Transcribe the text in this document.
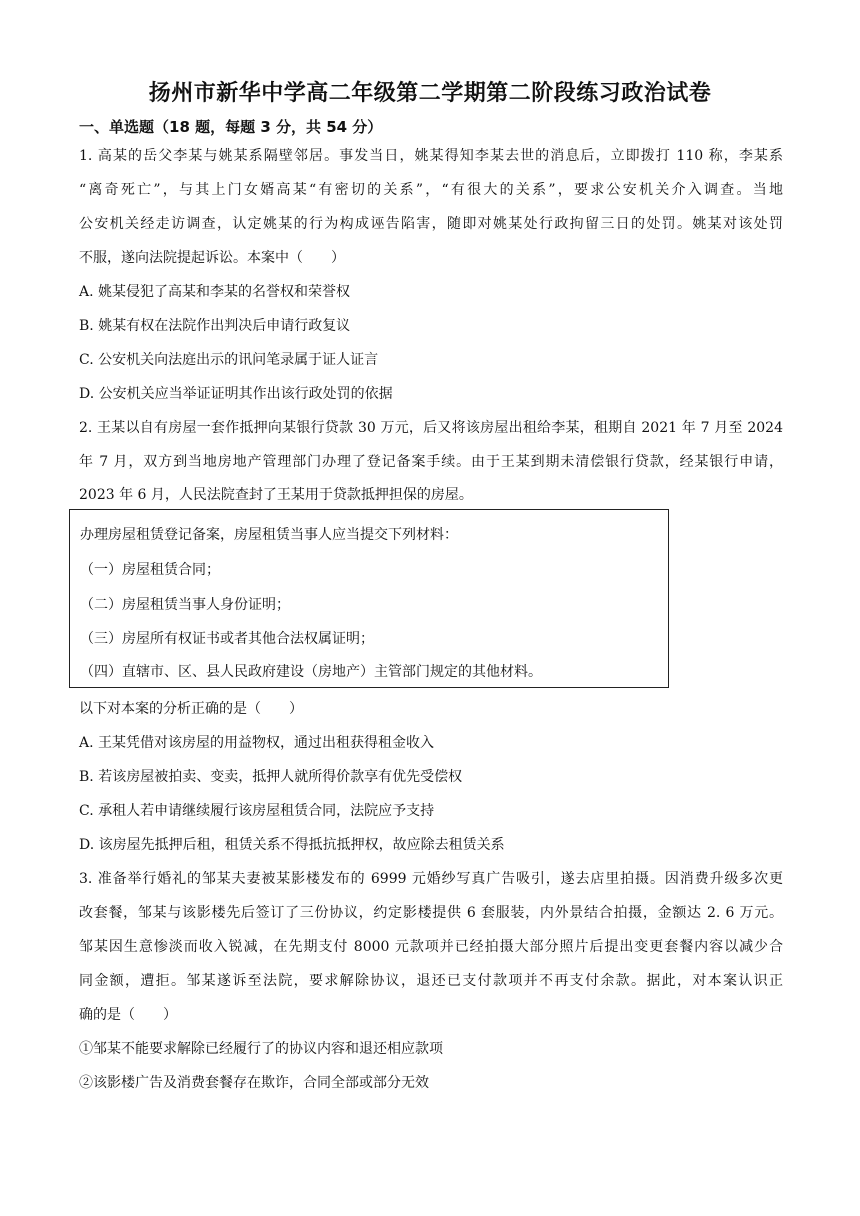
扬州市新华中学高二年级第二学期第二阶段练习政治试卷
一、单选题（18 题，每题 3 分，共 54 分）

1. 高某的岳父李某与姚某系隔壁邻居。事发当日，姚某得知李某去世的消息后，立即拨打 110 称，李某系

“离奇死亡”，与其上门女婿高某“有密切的关系”，“有很大的关系”，要求公安机关介入调查。当地

公安机关经走访调查，认定姚某的行为构成诬告陷害，随即对姚某处行政拘留三日的处罚。姚某对该处罚

不服，遂向法院提起诉讼。本案中（　　）

A. 姚某侵犯了高某和李某的名誉权和荣誉权

B. 姚某有权在法院作出判决后申请行政复议

C. 公安机关向法庭出示的讯问笔录属于证人证言

D. 公安机关应当举证证明其作出该行政处罚的依据

2. 王某以自有房屋一套作抵押向某银行贷款 30 万元，后又将该房屋出租给李某，租期自 2021 年 7 月至 2024

年 7 月，双方到当地房地产管理部门办理了登记备案手续。由于王某到期未清偿银行贷款，经某银行申请，

2023 年 6 月，人民法院查封了王某用于贷款抵押担保的房屋。

办理房屋租赁登记备案，房屋租赁当事人应当提交下列材料：

（一）房屋租赁合同；

（二）房屋租赁当事人身份证明；

（三）房屋所有权证书或者其他合法权属证明；

（四）直辖市、区、县人民政府建设（房地产）主管部门规定的其他材料。

以下对本案的分析正确的是（　　）

A. 王某凭借对该房屋的用益物权，通过出租获得租金收入

B. 若该房屋被拍卖、变卖，抵押人就所得价款享有优先受偿权

C. 承租人若申请继续履行该房屋租赁合同，法院应予支持

D. 该房屋先抵押后租，租赁关系不得抵抗抵押权，故应除去租赁关系

3. 准备举行婚礼的邹某夫妻被某影楼发布的 6999 元婚纱写真广告吸引，遂去店里拍摄。因消费升级多次更

改套餐，邹某与该影楼先后签订了三份协议，约定影楼提供 6 套服装，内外景结合拍摄，金额达 2. 6 万元。

邹某因生意惨淡而收入锐减，在先期支付 8000 元款项并已经拍摄大部分照片后提出变更套餐内容以减少合

同金额，遭拒。邹某遂诉至法院，要求解除协议，退还已支付款项并不再支付余款。据此，对本案认识正

确的是（　　）

①邹某不能要求解除已经履行了的协议内容和退还相应款项

②该影楼广告及消费套餐存在欺诈，合同全部或部分无效
